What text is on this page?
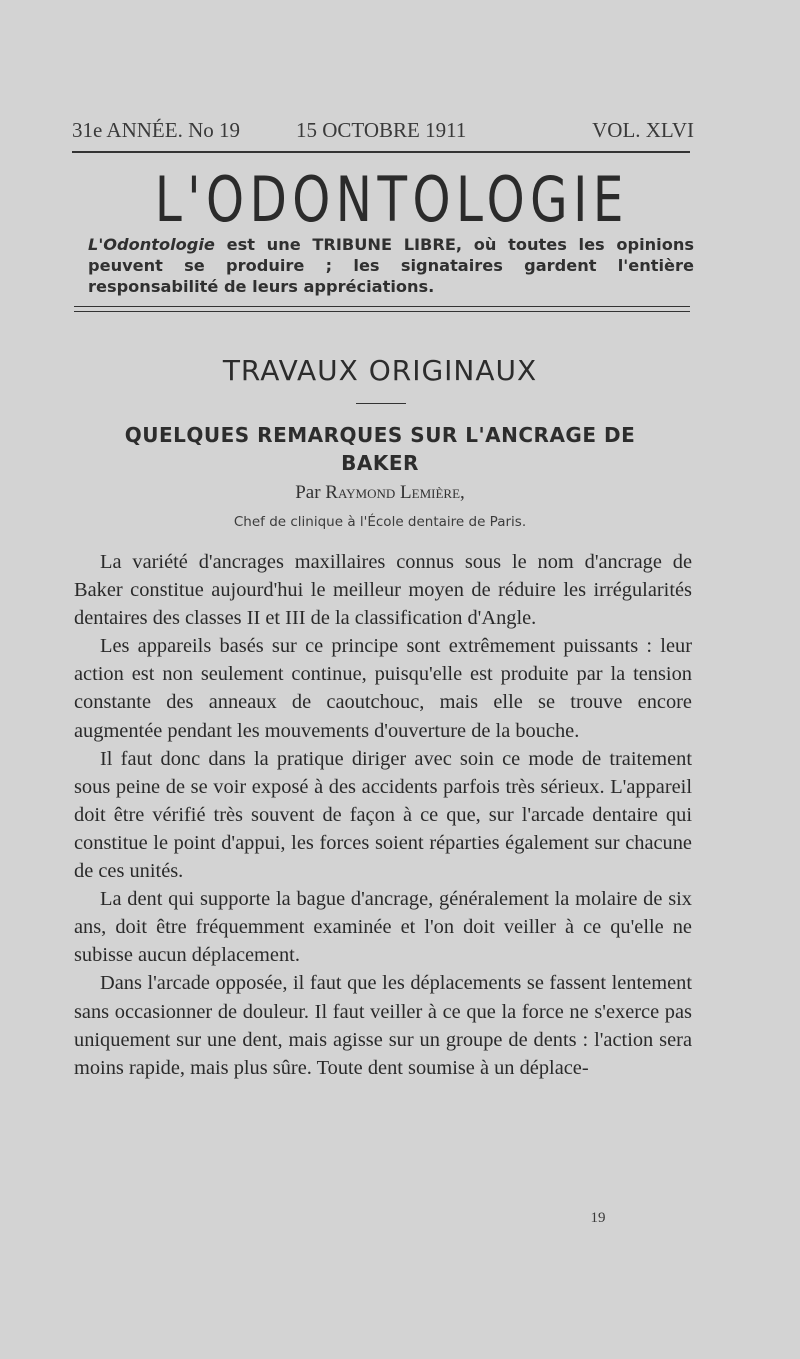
31e ANNÉE. No 19	15 OCTOBRE 1911	VOL. XLVI
L'ODONTOLOGIE
L'Odontologie est une TRIBUNE LIBRE, où toutes les opinions peuvent se produire ; les signataires gardent l'entière responsabilité de leurs appréciations.
TRAVAUX ORIGINAUX
QUELQUES REMARQUES SUR L'ANCRAGE DE BAKER
Par Raymond Lemière,
Chef de clinique à l'École dentaire de Paris.

La variété d'ancrages maxillaires connus sous le nom d'ancrage de Baker constitue aujourd'hui le meilleur moyen de réduire les irrégularités dentaires des classes II et III de la classification d'Angle.

Les appareils basés sur ce principe sont extrêmement puissants : leur action est non seulement continue, puisqu'elle est produite par la tension constante des anneaux de caoutchouc, mais elle se trouve encore augmentée pendant les mouvements d'ouverture de la bouche.

Il faut donc dans la pratique diriger avec soin ce mode de traitement sous peine de se voir exposé à des accidents parfois très sérieux. L'appareil doit être vérifié très souvent de façon à ce que, sur l'arcade dentaire qui constitue le point d'appui, les forces soient réparties également sur chacune de ces unités.

La dent qui supporte la bague d'ancrage, généralement la molaire de six ans, doit être fréquemment examinée et l'on doit veiller à ce qu'elle ne subisse aucun déplacement.

Dans l'arcade opposée, il faut que les déplacements se fassent lentement sans occasionner de douleur. Il faut veiller à ce que la force ne s'exerce pas uniquement sur une dent, mais agisse sur un groupe de dents : l'action sera moins rapide, mais plus sûre. Toute dent soumise à un déplace-

19
